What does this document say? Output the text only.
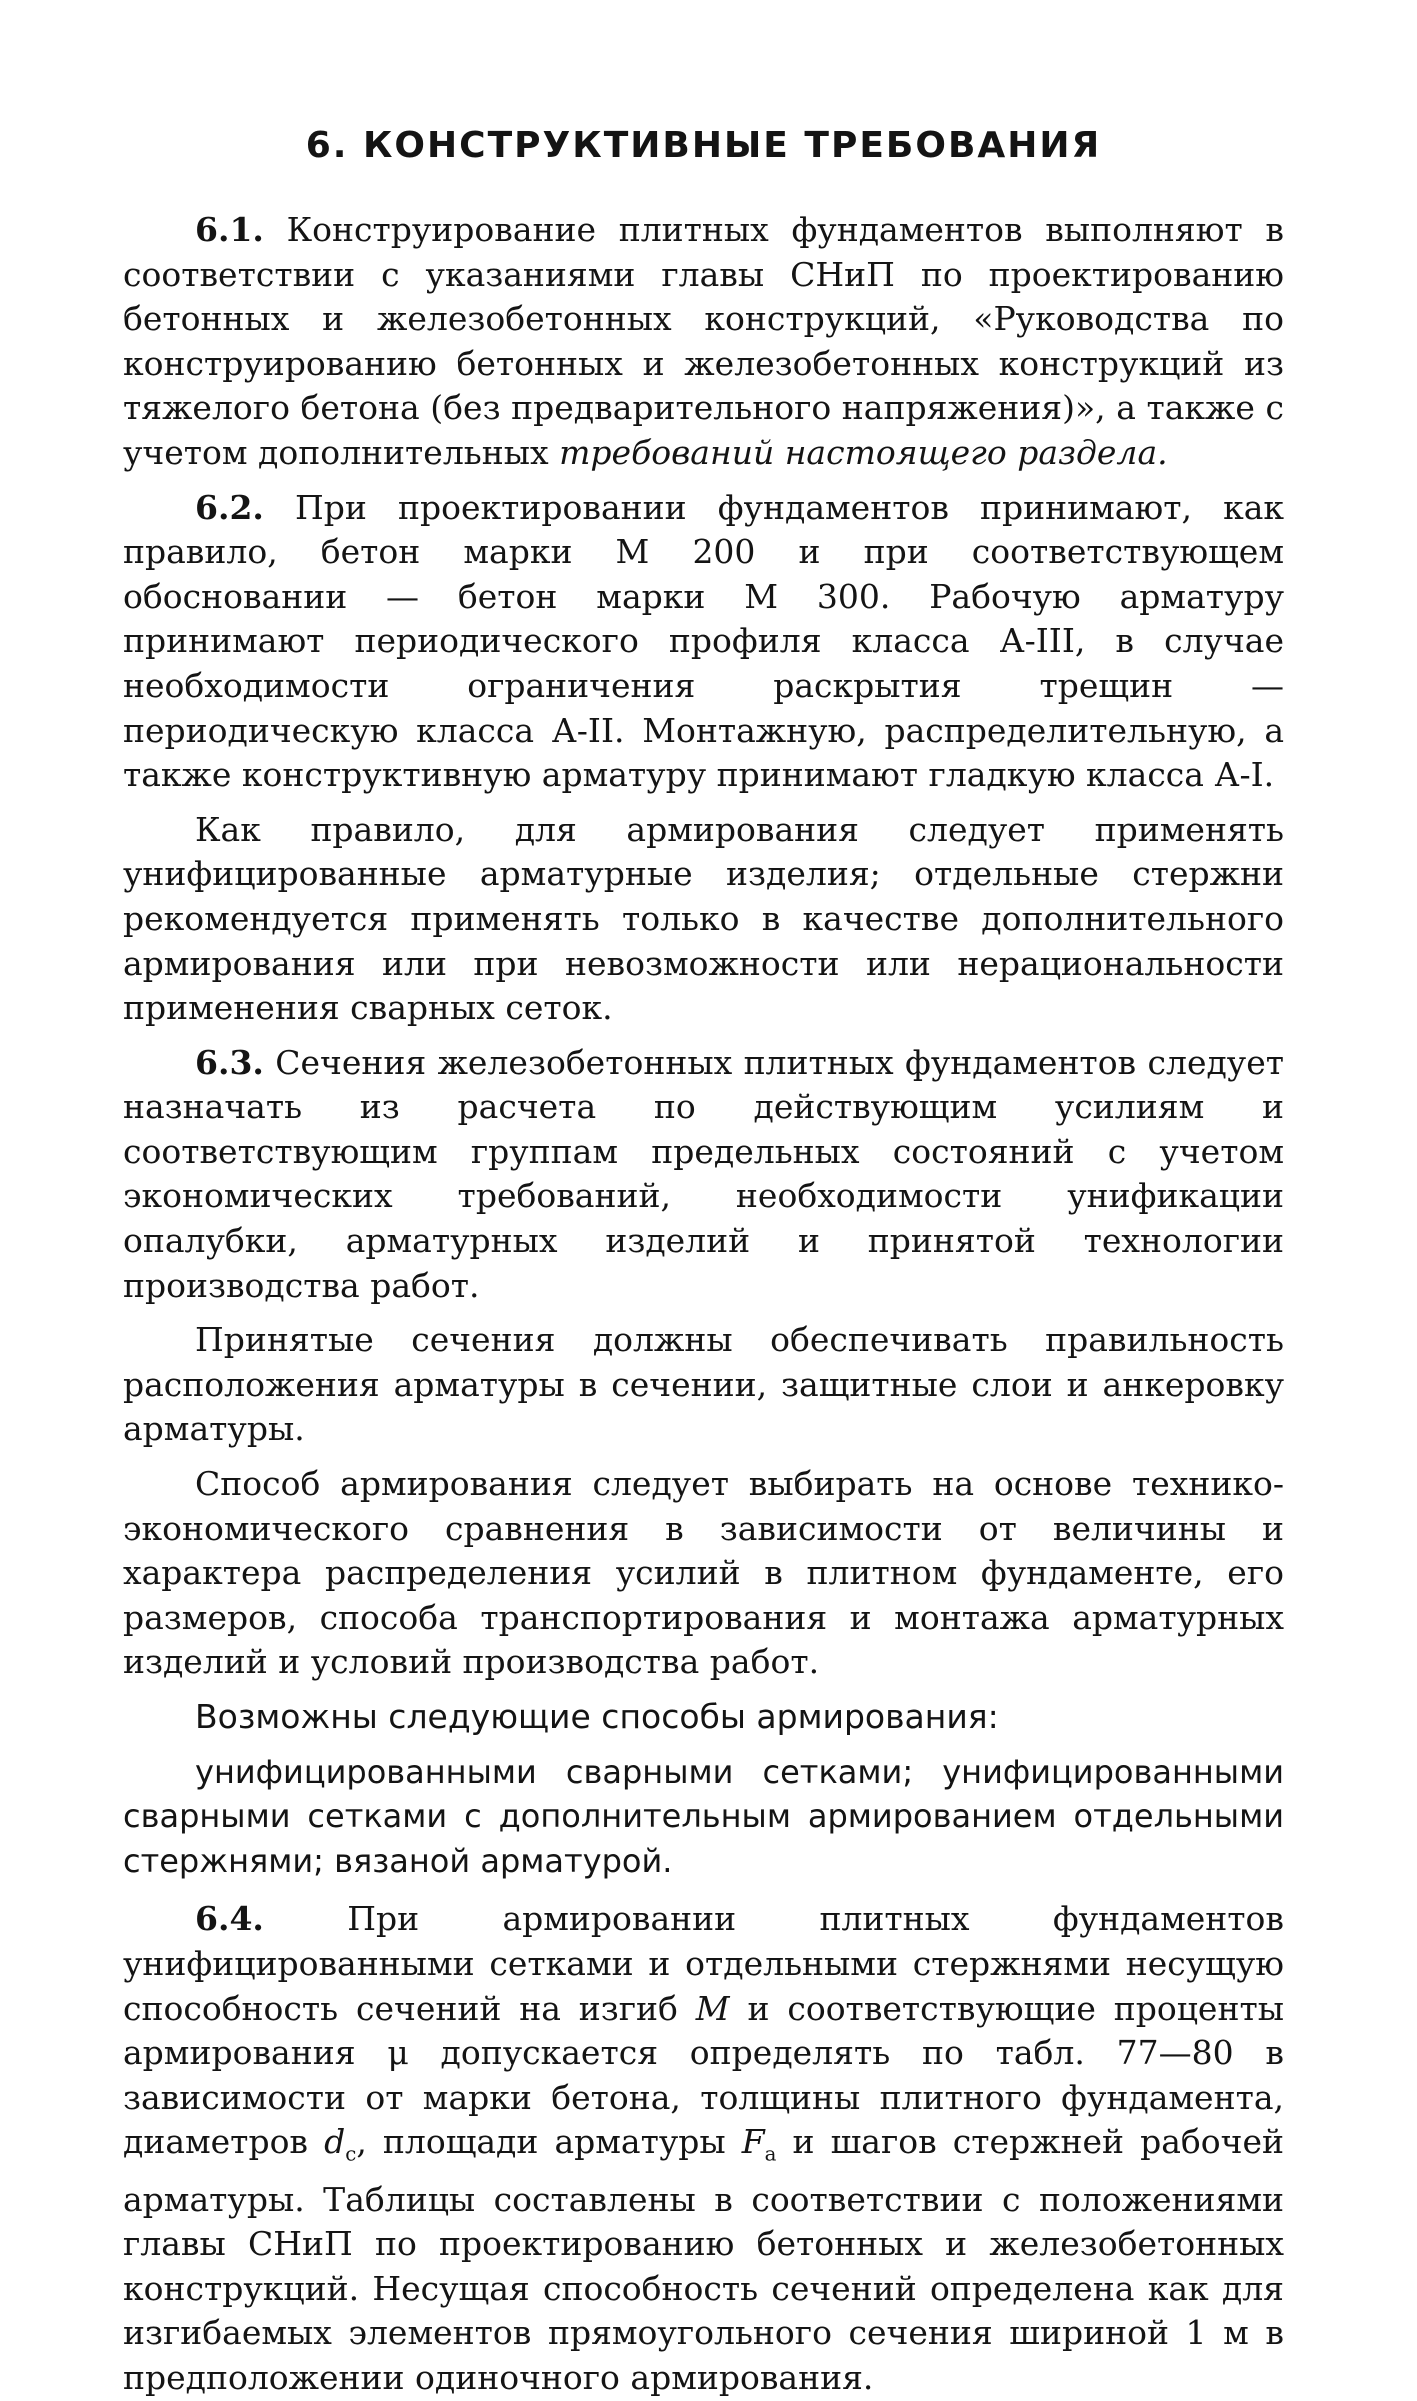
6. КОНСТРУКТИВНЫЕ ТРЕБОВАНИЯ

6.1. Конструирование плитных фундаментов выполняют в соответствии с указаниями главы СНиП по проектированию бетонных и железобетонных конструкций, «Руководства по конструированию бетонных и железобетонных конструкций из тяжелого бетона (без предварительного напряжения)», а также с учетом дополнительных требований настоящего раздела.

6.2. При проектировании фундаментов принимают, как правило, бетон марки М 200 и при соответствующем обосновании — бетон марки М 300. Рабочую арматуру принимают периодического профиля класса А-III, в случае необходимости ограничения раскрытия трещин — периодическую класса А-II. Монтажную, распределительную, а также конструктивную арматуру принимают гладкую класса А-I.

Как правило, для армирования следует применять унифицированные арматурные изделия; отдельные стержни рекомендуется применять только в качестве дополнительного армирования или при невозможности или нерациональности применения сварных сеток.

6.3. Сечения железобетонных плитных фундаментов следует назначать из расчета по действующим усилиям и соответствующим группам предельных состояний с учетом экономических требований, необходимости унификации опалубки, арматурных изделий и принятой технологии производства работ.

Принятые сечения должны обеспечивать правильность расположения арматуры в сечении, защитные слои и анкеровку арматуры.

Способ армирования следует выбирать на основе технико-экономического сравнения в зависимости от величины и характера распределения усилий в плитном фундаменте, его размеров, способа транспортирования и монтажа арматурных изделий и условий производства работ.

Возможны следующие способы армирования:

унифицированными сварными сетками; унифицированными сварными сетками с дополнительным армированием отдельными стержнями; вязаной арматурой.

6.4. При армировании плитных фундаментов унифицированными сетками и отдельными стержнями несущую способность сечений на изгиб M и соответствующие проценты армирования μ допускается определять по табл. 77—80 в зависимости от марки бетона, толщины плитного фундамента, диаметров $d_с$, площади арматуры $F_а$ и шагов стержней рабочей арматуры. Таблицы составлены в соответствии с положениями главы СНиП по проектированию бетонных и железобетонных конструкций. Несущая способность сечений определена как для изгибаемых элементов прямоугольного сечения шириной 1 м в предположении одиночного армирования.
